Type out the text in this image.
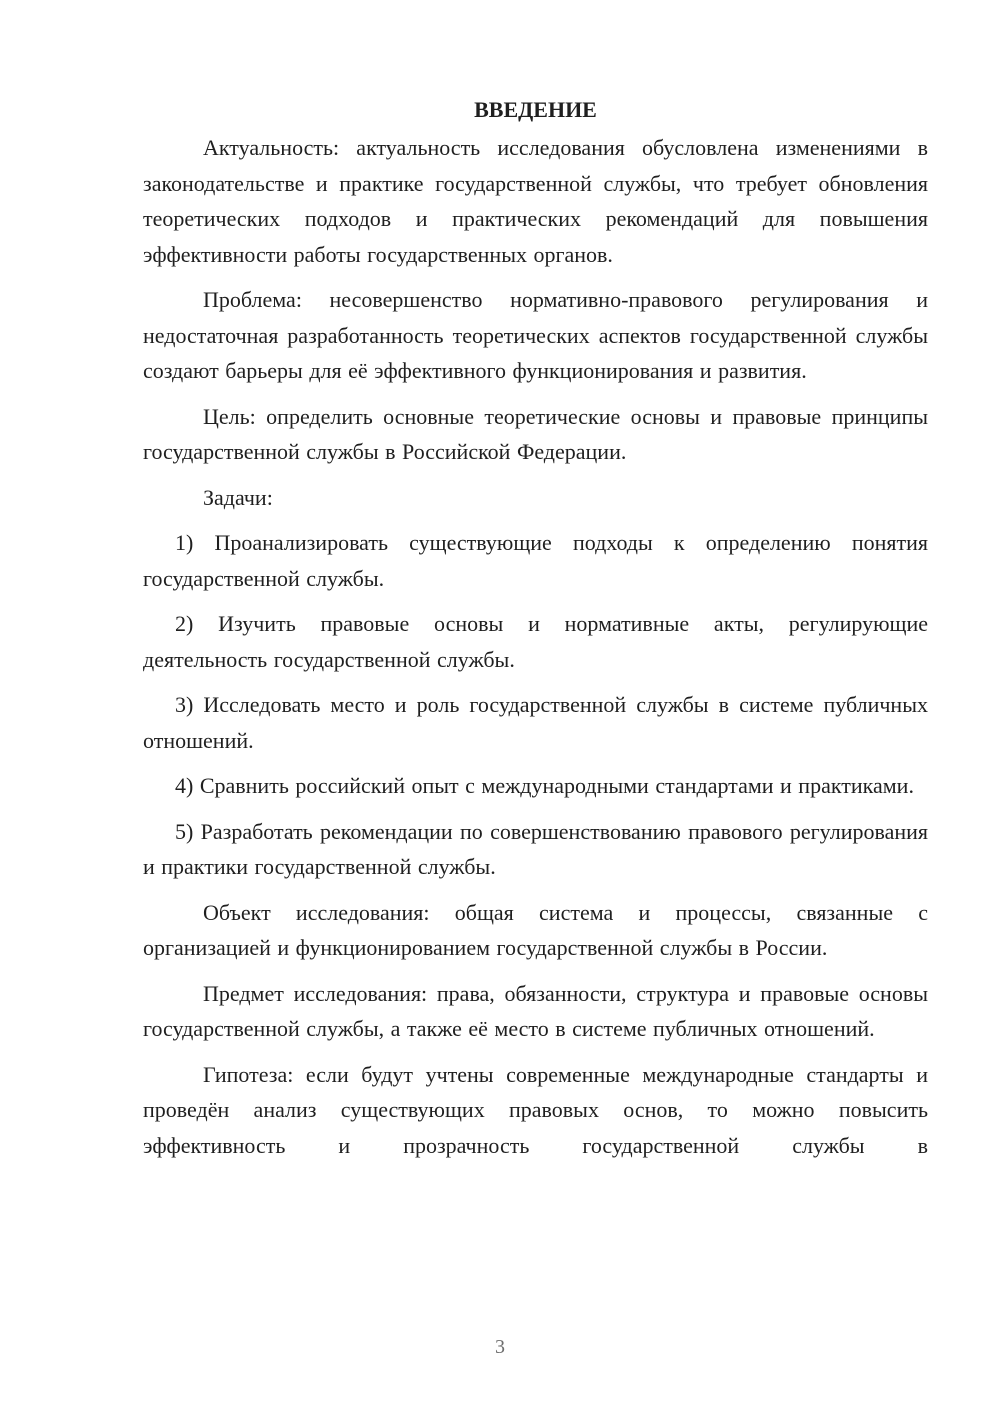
ВВЕДЕНИЕ

Актуальность: актуальность исследования обусловлена изменениями в законодательстве и практике государственной службы, что требует обновления теоретических подходов и практических рекомендаций для повышения эффективности работы государственных органов.

Проблема: несовершенство нормативно-правового регулирования и недостаточная разработанность теоретических аспектов государственной службы создают барьеры для её эффективного функционирования и развития.

Цель: определить основные теоретические основы и правовые принципы государственной службы в Российской Федерации.

Задачи:

1) Проанализировать существующие подходы к определению понятия государственной службы.

2) Изучить правовые основы и нормативные акты, регулирующие деятельность государственной службы.

3) Исследовать место и роль государственной службы в системе публичных отношений.

4) Сравнить российский опыт с международными стандартами и практиками.

5) Разработать рекомендации по совершенствованию правового регулирования и практики государственной службы.

Объект исследования: общая система и процессы, связанные с организацией и функционированием государственной службы в России.

Предмет исследования: права, обязанности, структура и правовые основы государственной службы, а также её место в системе публичных отношений.

Гипотеза: если будут учтены современные международные стандарты и проведён анализ существующих правовых основ, то можно повысить эффективность и прозрачность государственной службы в

3
